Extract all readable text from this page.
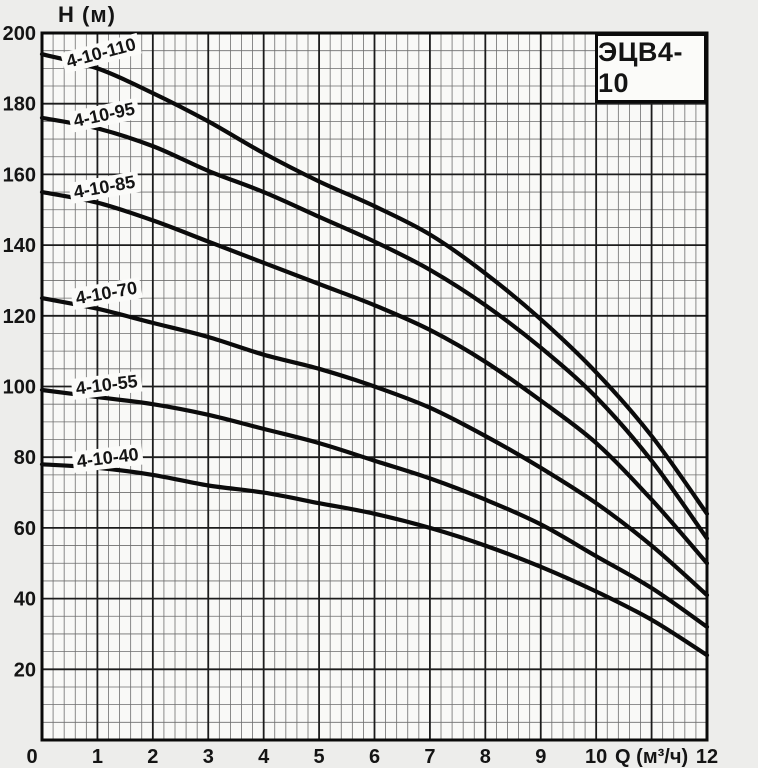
20
40
60
80
100
120
140
160
180
200
0	1 2 3 4 5 6 7 8 9 10	12
Q (м³/ч)
H (м)
ЭЦВ4-10
4-10-110
4-10-95
4-10-85
4-10-70
4-10-55
4-10-40
